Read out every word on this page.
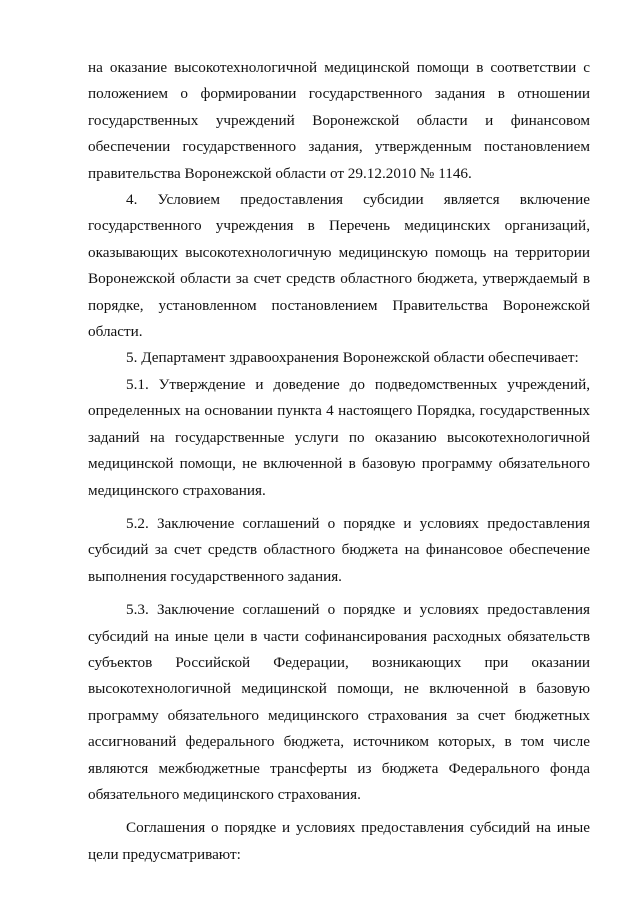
на оказание высокотехнологичной медицинской помощи в соответствии с положением о формировании государственного задания в отношении государственных учреждений Воронежской области и финансовом обеспечении государственного задания, утвержденным постановлением правительства Воронежской области от 29.12.2010 № 1146.

4. Условием предоставления субсидии является включение государственного учреждения в Перечень медицинских организаций, оказывающих высокотехнологичную медицинскую помощь на территории Воронежской области за счет средств областного бюджета, утверждаемый в порядке, установленном постановлением Правительства Воронежской области.

5. Департамент здравоохранения Воронежской области обеспечивает:

5.1. Утверждение и доведение до подведомственных учреждений, определенных на основании пункта 4 настоящего Порядка, государственных заданий на государственные услуги по оказанию высокотехнологичной медицинской помощи, не включенной в базовую программу обязательного медицинского страхования.

5.2. Заключение соглашений о порядке и условиях предоставления субсидий за счет средств областного бюджета на финансовое обеспечение выполнения государственного задания.

5.3. Заключение соглашений о порядке и условиях предоставления субсидий на иные цели в части софинансирования расходных обязательств субъектов Российской Федерации, возникающих при оказании высокотехнологичной медицинской помощи, не включенной в базовую программу обязательного медицинского страхования за счет бюджетных ассигнований федерального бюджета, источником которых, в том числе являются межбюджетные трансферты из бюджета Федерального фонда обязательного медицинского страхования.

Соглашения о порядке и условиях предоставления субсидий на иные цели предусматривают:
